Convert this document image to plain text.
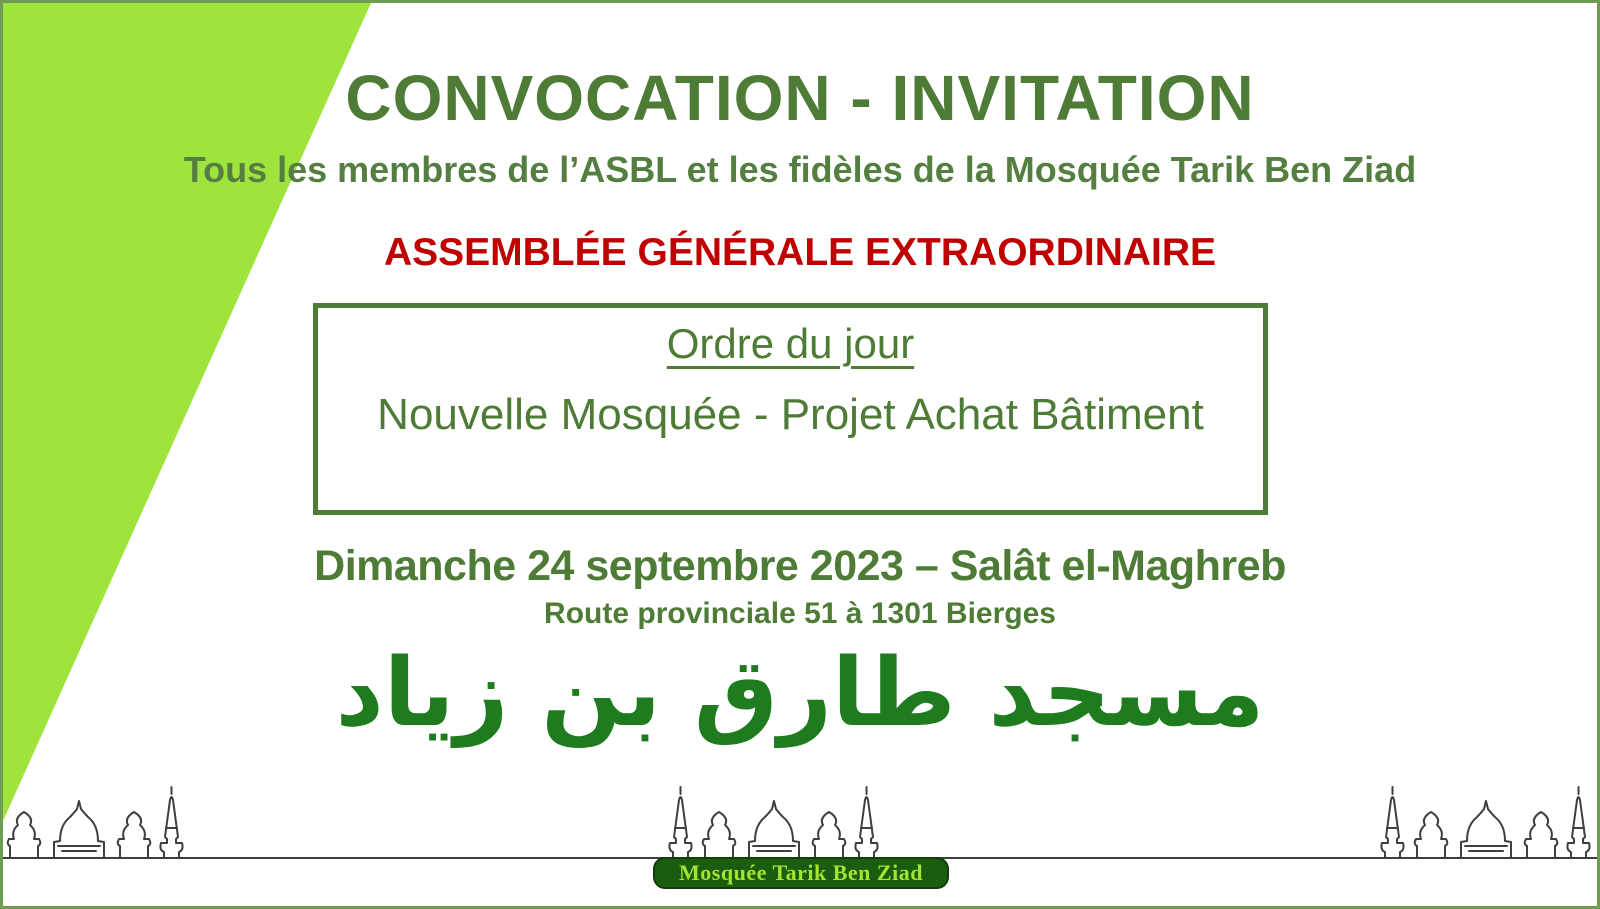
CONVOCATION - INVITATION
Tous les membres de l’ASBL et les fidèles de la Mosquée Tarik Ben Ziad
ASSEMBLÉE GÉNÉRALE EXTRAORDINAIRE
Ordre du jour
Nouvelle Mosquée - Projet Achat Bâtiment
Dimanche 24 septembre 2023 – Salât el-Maghreb
Route provinciale 51 à 1301 Bierges
مسجد طارق بن زياد
Mosquée Tarik Ben Ziad
